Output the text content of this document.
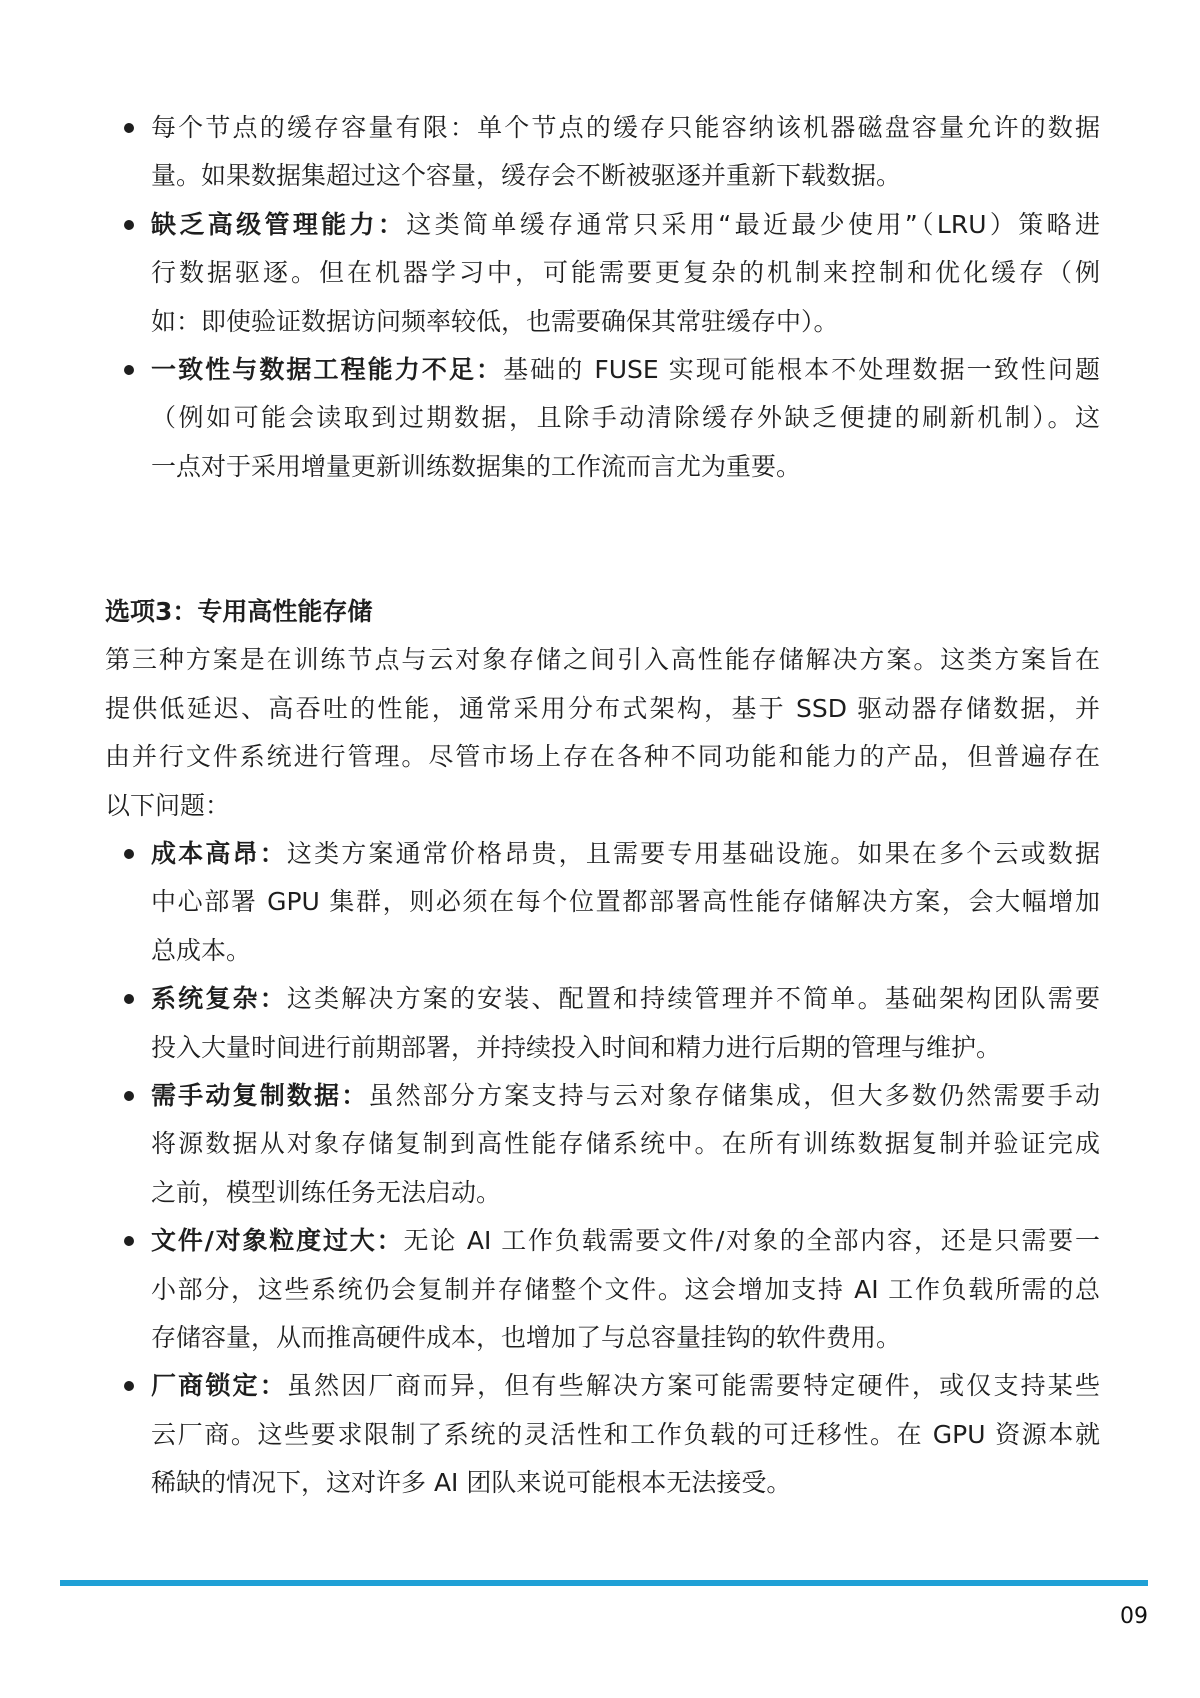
每个节点的缓存容量有限：单个节点的缓存只能容纳该机器磁盘容量允许的数据
量。如果数据集超过这个容量，缓存会不断被驱逐并重新下载数据。
缺乏高级管理能力：这类简单缓存通常只采用“最近最少使用”（LRU）策略进
行数据驱逐。但在机器学习中，可能需要更复杂的机制来控制和优化缓存（例
如：即使验证数据访问频率较低，也需要确保其常驻缓存中）。
一致性与数据工程能力不足：基础的 FUSE 实现可能根本不处理数据一致性问题
（例如可能会读取到过期数据，且除手动清除缓存外缺乏便捷的刷新机制）。这
一点对于采用增量更新训练数据集的工作流而言尤为重要。
选项3：专用高性能存储
第三种方案是在训练节点与云对象存储之间引入高性能存储解决方案。这类方案旨在
提供低延迟、高吞吐的性能，通常采用分布式架构，基于 SSD 驱动器存储数据，并
由并行文件系统进行管理。尽管市场上存在各种不同功能和能力的产品，但普遍存在
以下问题：
成本高昂：这类方案通常价格昂贵，且需要专用基础设施。如果在多个云或数据
中心部署 GPU 集群，则必须在每个位置都部署高性能存储解决方案，会大幅增加
总成本。
系统复杂：这类解决方案的安装、配置和持续管理并不简单。基础架构团队需要
投入大量时间进行前期部署，并持续投入时间和精力进行后期的管理与维护。
需手动复制数据：虽然部分方案支持与云对象存储集成，但大多数仍然需要手动
将源数据从对象存储复制到高性能存储系统中。在所有训练数据复制并验证完成
之前，模型训练任务无法启动。
文件/对象粒度过大：无论 AI 工作负载需要文件/对象的全部内容，还是只需要一
小部分，这些系统仍会复制并存储整个文件。这会增加支持 AI 工作负载所需的总
存储容量，从而推高硬件成本，也增加了与总容量挂钩的软件费用。
厂商锁定：虽然因厂商而异，但有些解决方案可能需要特定硬件，或仅支持某些
云厂商。这些要求限制了系统的灵活性和工作负载的可迁移性。在 GPU 资源本就
稀缺的情况下，这对许多 AI 团队来说可能根本无法接受。
09
